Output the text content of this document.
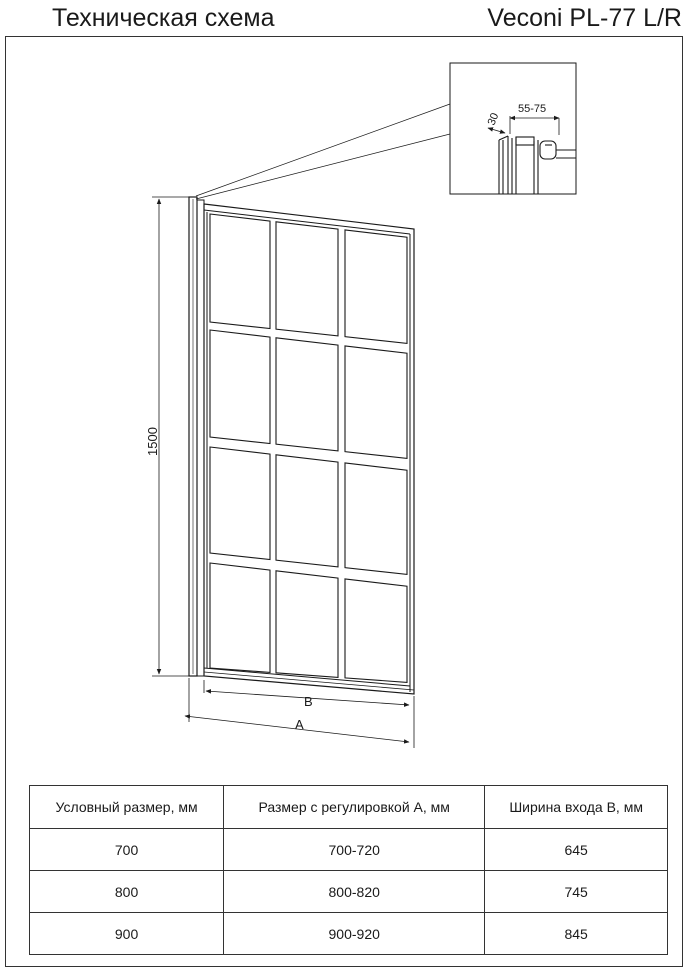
Техническая схема	Veconi PL-77 L/R
55-75
30
1500
B
A
Условный размер, мм	Размер с регулировкой A, мм	Ширина входа B, мм
700	700-720	645
800	800-820	745
900	900-920	845
